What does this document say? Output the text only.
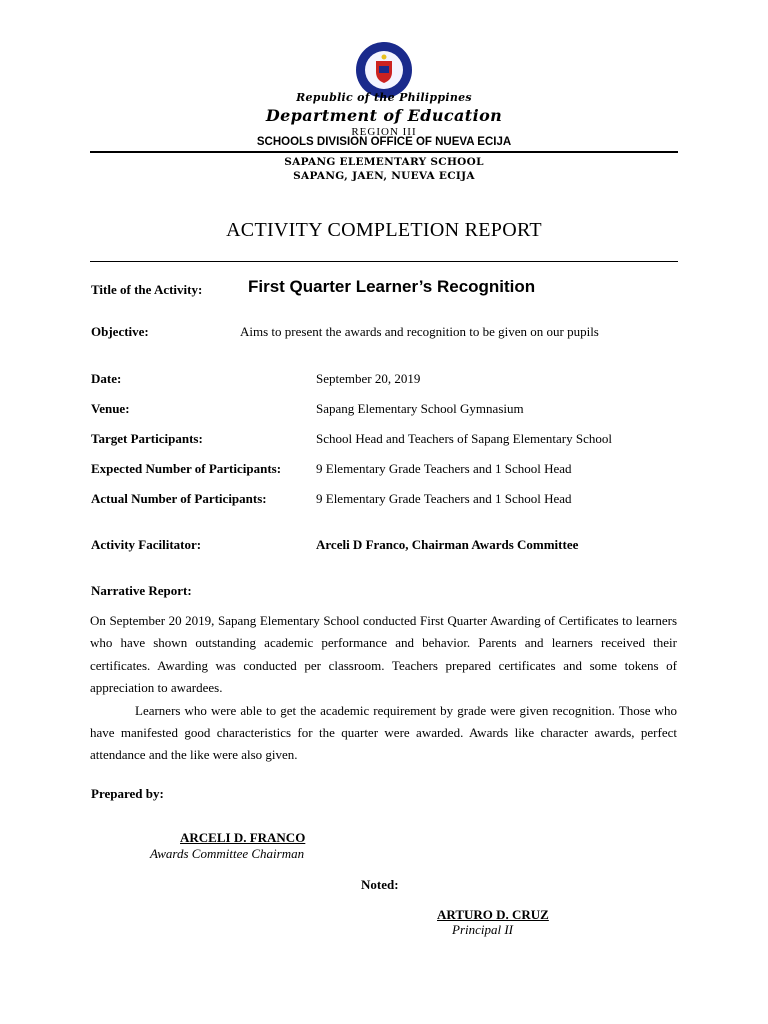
Republic of the Philippines
Department of Education
REGION III
SCHOOLS DIVISION OFFICE OF NUEVA ECIJA
SAPANG ELEMENTARY SCHOOL
SAPANG, JAEN, NUEVA ECIJA
ACTIVITY COMPLETION REPORT
Title of the Activity:	First Quarter Learner’s Recognition
Objective:	Aims to present the awards and recognition to be given on our pupils
Date:	September 20, 2019
Venue:	Sapang Elementary School Gymnasium
Target Participants:	School Head and Teachers of Sapang Elementary School
Expected Number of Participants:	9 Elementary Grade Teachers and 1 School Head
Actual Number of Participants:	9 Elementary Grade Teachers and 1 School Head
Activity Facilitator:	Arceli D Franco, Chairman Awards Committee
Narrative Report:

On September 20 2019, Sapang Elementary School conducted First Quarter Awarding of Certificates to learners who have shown outstanding academic performance and behavior. Parents and learners received their certificates. Awarding was conducted per classroom. Teachers prepared certificates and some tokens of appreciation to awardees.

Learners who were able to get the academic requirement by grade were given recognition. Those who have manifested good characteristics for the quarter were awarded. Awards like character awards, perfect attendance and the like were also given.

Prepared by:
ARCELI D. FRANCO
Awards Committee Chairman
Noted:
ARTURO D. CRUZ
Principal II
